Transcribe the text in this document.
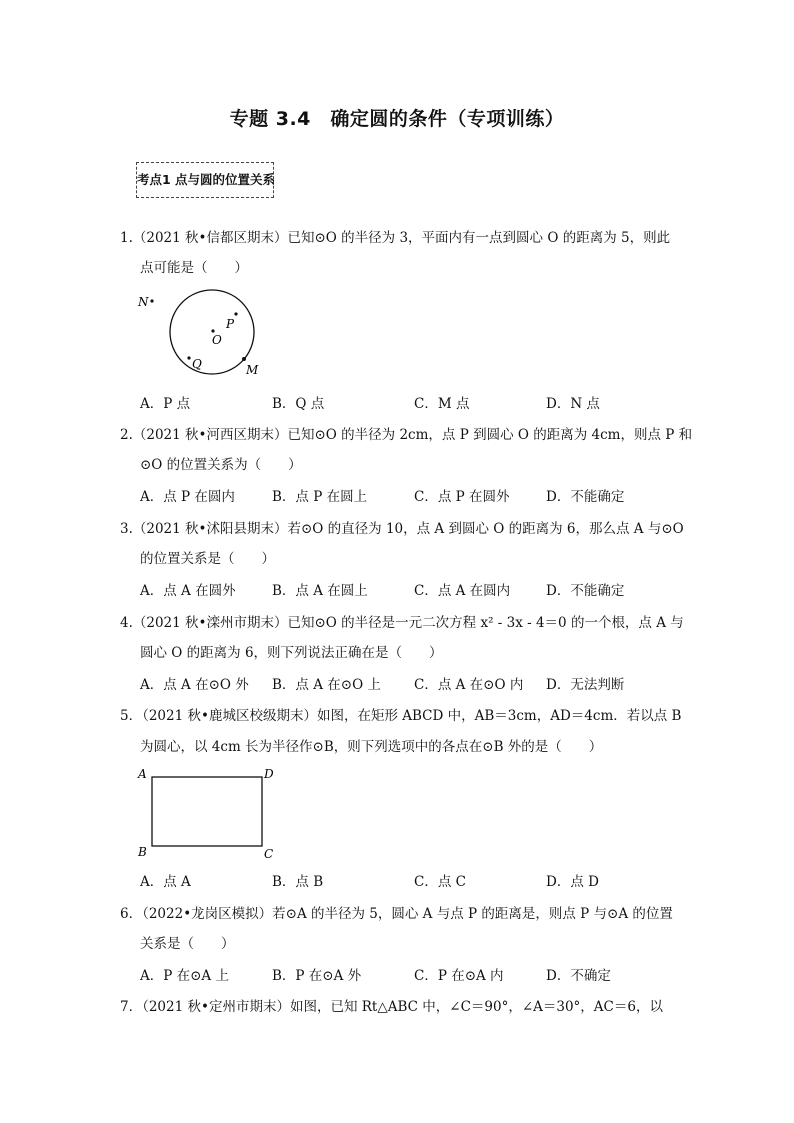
专题 3.4　确定圆的条件（专项训练）
考点1 点与圆的位置关系
1.（2021 秋•信都区期末）已知⊙O 的半径为 3，平面内有一点到圆心 O 的距离为 5，则此
点可能是（　　）
N
P
O
Q	M
A．P 点	B．Q 点	C．M 点	D．N 点
2.（2021 秋•河西区期末）已知⊙O 的半径为 2cm，点 P 到圆心 O 的距离为 4cm，则点 P 和
⊙O 的位置关系为（　　）
A．点 P 在圆内	B．点 P 在圆上	C．点 P 在圆外	D．不能确定
3.（2021 秋•沭阳县期末）若⊙O 的直径为 10，点 A 到圆心 O 的距离为 6，那么点 A 与⊙O
的位置关系是（　　）
A．点 A 在圆外	B．点 A 在圆上	C．点 A 在圆内	D．不能确定
4.（2021 秋•滦州市期末）已知⊙O 的半径是一元二次方程 x² - 3x - 4＝0 的一个根，点 A 与
圆心 O 的距离为 6，则下列说法正确在是（　　）
A．点 A 在⊙O 外 B．点 A 在⊙O 上 C．点 A 在⊙O 内 D．无法判断
5．（2021 秋•鹿城区校级期末）如图，在矩形 ABCD 中，AB＝3cm，AD＝4cm．若以点 B
为圆心，以 4cm 长为半径作⊙B，则下列选项中的各点在⊙B 外的是（　　）
A	D
B	C
A．点 A	B．点 B	C．点 C	D．点 D
6．（2022•龙岗区模拟）若⊙A 的半径为 5，圆心 A 与点 P 的距离是，则点 P 与⊙A 的位置
关系是（　　）
A．P 在⊙A 上	B．P 在⊙A 外	C．P 在⊙A 内	D．不确定
7．（2021 秋•定州市期末）如图，已知 Rt△ABC 中，∠C＝90°，∠A＝30°，AC＝6，以
